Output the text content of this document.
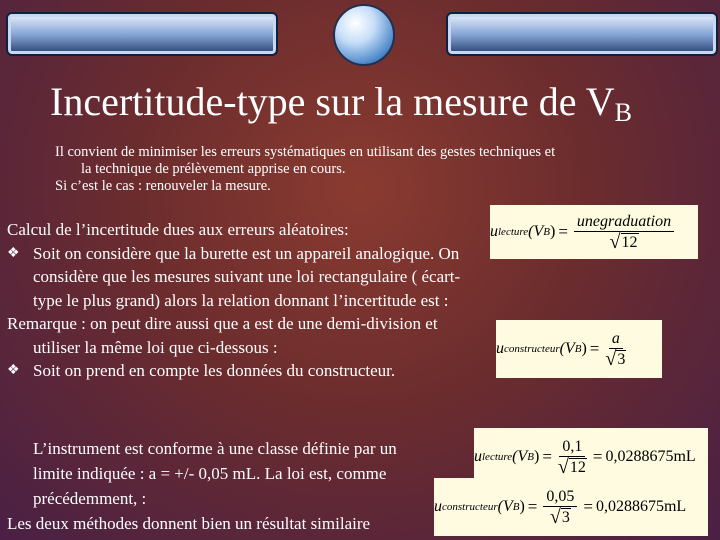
Incertitude-type sur la mesure de $V_B$

Il convient de minimiser les erreurs systématiques en utilisant des gestes techniques et

la technique de prélèvement apprise en cours.

Si c’est le cas : renouveler la mesure.

Calcul de l’incertitude dues aux erreurs aléatoires:

❖ Soit on considère que la burette est un appareil analogique. On considère que les mesures suivant une loi rectangulaire ( écart-type le plus grand) alors la relation donnant l’incertitude est :

Remarque : on peut dire aussi que a est de une demi-division et utiliser la même loi que ci-dessous :

❖ Soit on prend en compte les données du constructeur.

L’instrument est conforme à une classe définie par un

limite indiquée : a = +/- 0,05 mL. La loi est, comme

précédemment, :

Les deux méthodes donnent bien un résultat similaire

u lecture (V B ) = $\frac{\text{unegraduation}}{√ 12}$
u constructeur (V B ) = $\frac{a}{√ 3}$
u lecture (V B ) = $\frac{0,1}{√ 12} = 0,0288675mL$
u constructeur (V B ) = $\frac{0,05}{√ 3} = 0,0288675mL$
